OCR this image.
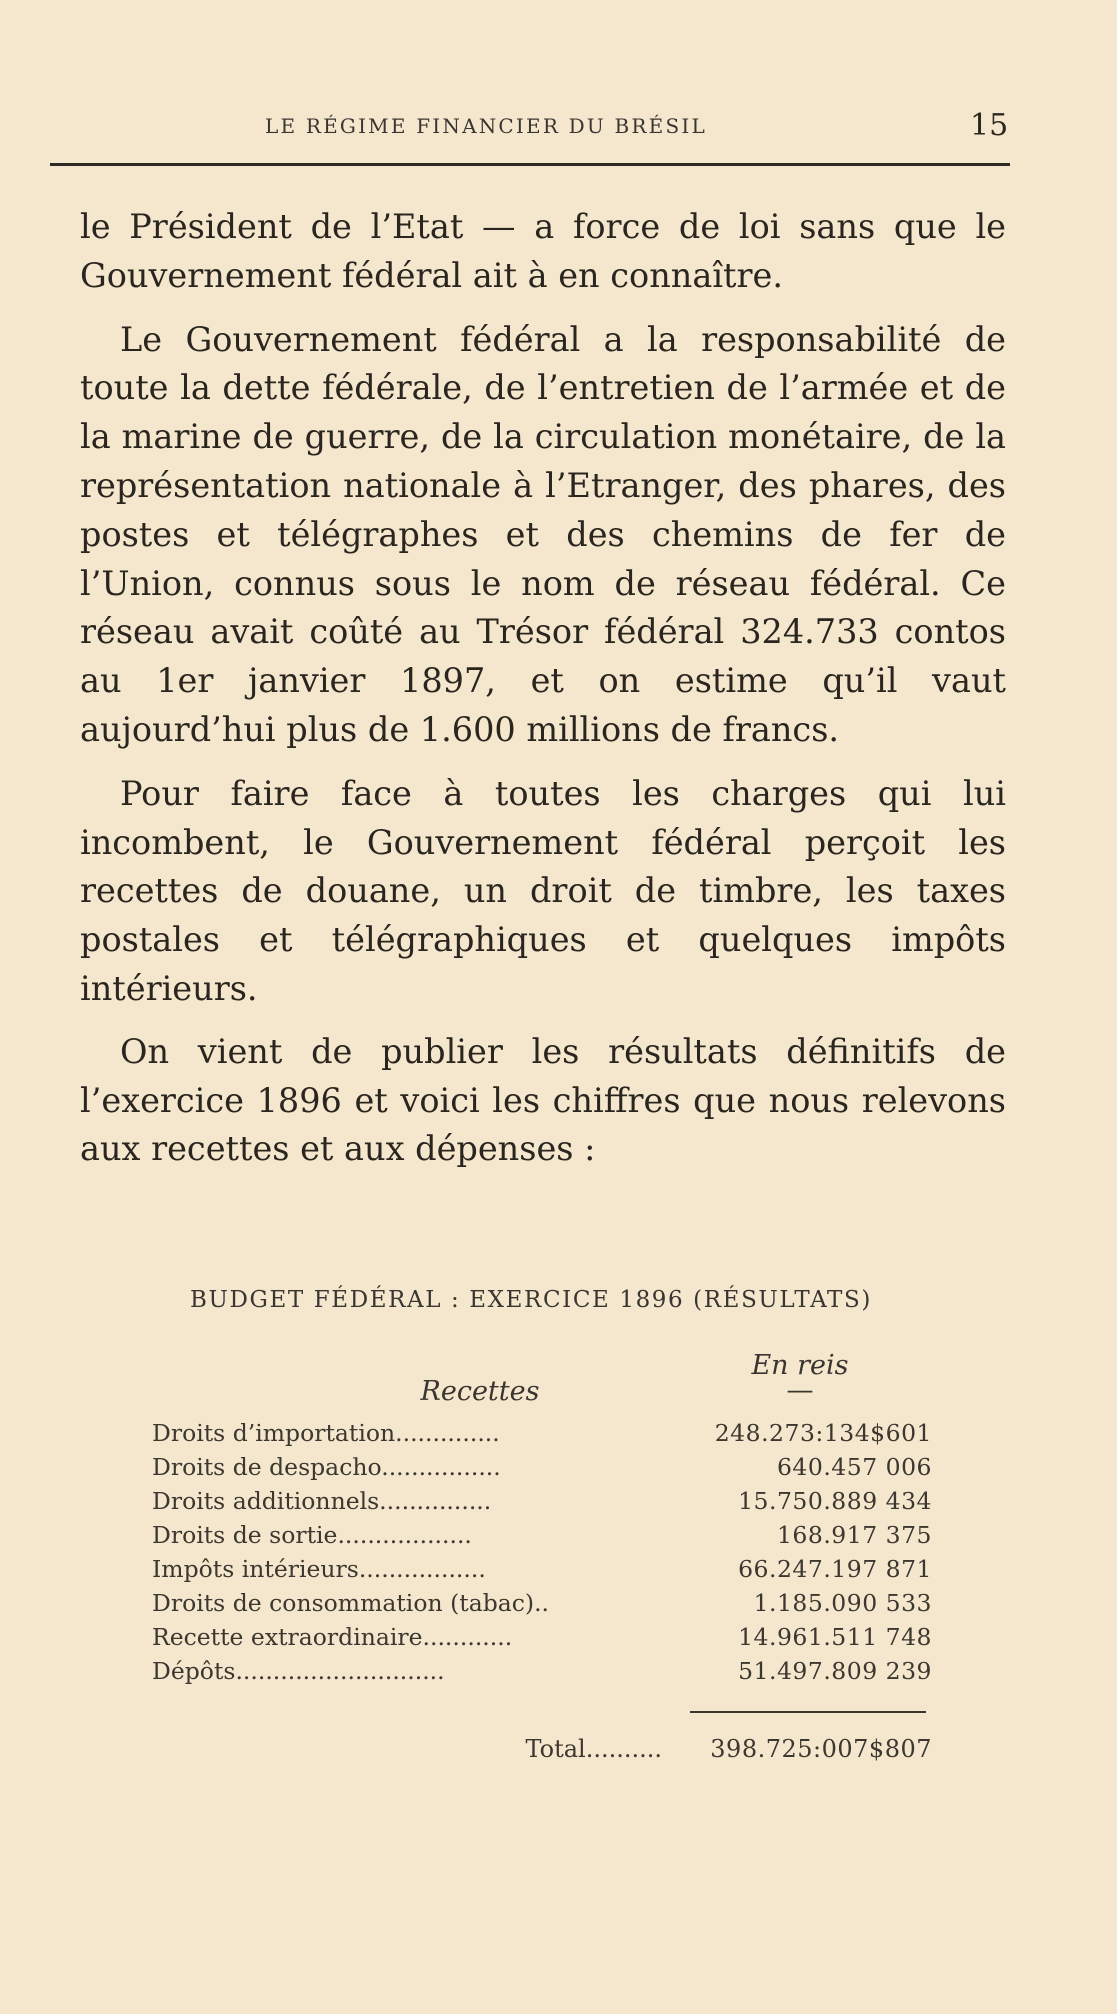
LE RÉGIME FINANCIER DU BRÉSIL	15

le Président de l’Etat — a force de loi sans que le Gouvernement fédéral ait à en connaître.

Le Gouvernement fédéral a la responsabilité de toute la dette fédérale, de l’entretien de l’armée et de la marine de guerre, de la circulation monétaire, de la représentation nationale à l’Etranger, des phares, des postes et télégraphes et des chemins de fer de l’Union, connus sous le nom de réseau fédéral. Ce réseau avait coûté au Trésor fédéral 324.733 contos au 1er janvier 1897, et on estime qu’il vaut aujourd’hui plus de 1.600 millions de francs.

Pour faire face à toutes les charges qui lui incombent, le Gouvernement fédéral perçoit les recettes de douane, un droit de timbre, les taxes postales et télégraphiques et quelques impôts intérieurs.

On vient de publier les résultats définitifs de l’exercice 1896 et voici les chiffres que nous relevons aux recettes et aux dépenses :

BUDGET FÉDÉRAL : EXERCICE 1896 (RÉSULTATS)
En reis
—
Recettes
Droits d’importation..............	248.273:134$601
Droits de despacho................	640.457 006
Droits additionnels...............	15.750.889 434
Droits de sortie..................	168.917 375
Impôts intérieurs.................	66.247.197 871
Droits de consommation (tabac)..	1.185.090 533
Recette extraordinaire............	14.961.511 748
Dépôts............................	51.497.809 239
Total..........	398.725:007$807
